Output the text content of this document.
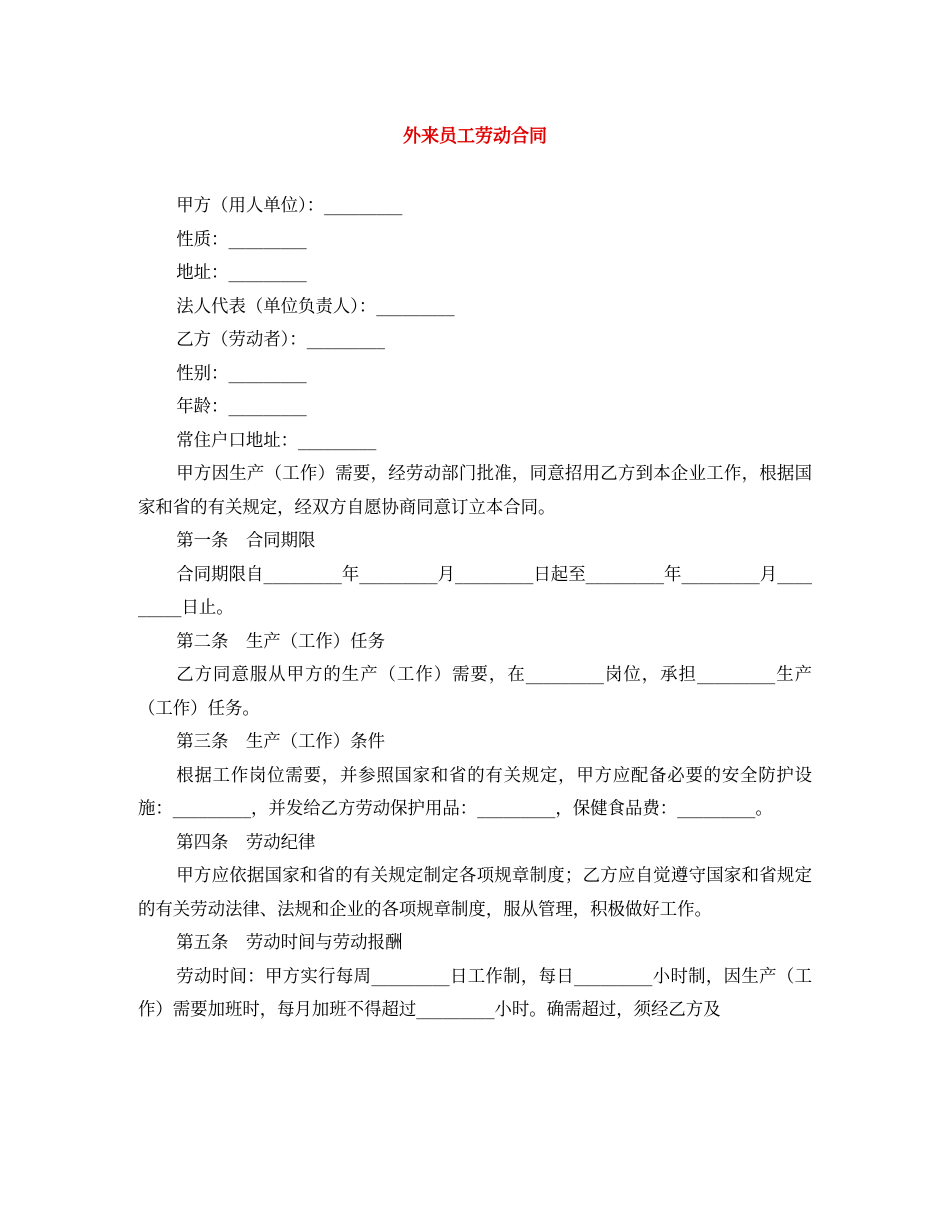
外来员工劳动合同

甲方（用人单位）：_________

性质：_________

地址：_________

法人代表（单位负责人）：_________

乙方（劳动者）：_________

性别：_________

年龄：_________

常住户口地址：_________

甲方因生产（工作）需要，经劳动部门批准，同意招用乙方到本企业工作，根据国家和省的有关规定，经双方自愿协商同意订立本合同。

第一条　合同期限

合同期限自_________年_________月_________日起至_________年_________月_________日止。

第二条　生产（工作）任务

乙方同意服从甲方的生产（工作）需要，在_________岗位，承担_________生产（工作）任务。

第三条　生产（工作）条件

根据工作岗位需要，并参照国家和省的有关规定，甲方应配备必要的安全防护设施：_________，并发给乙方劳动保护用品：_________，保健食品费：_________。

第四条　劳动纪律

甲方应依据国家和省的有关规定制定各项规章制度；乙方应自觉遵守国家和省规定的有关劳动法律、法规和企业的各项规章制度，服从管理，积极做好工作。

第五条　劳动时间与劳动报酬

劳动时间：甲方实行每周_________日工作制，每日_________小时制，因生产（工作）需要加班时，每月加班不得超过_________小时。确需超过，须经乙方及
